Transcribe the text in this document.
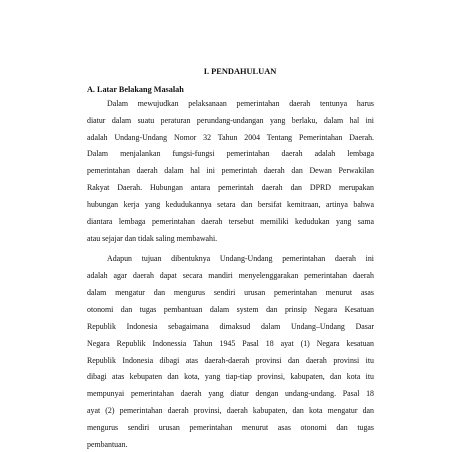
I. PENDAHULUAN
A. Latar Belakang Masalah
Dalam mewujudkan pelaksanaan pemerintahan daerah tentunya harus
diatur dalam suatu peraturan perundang-undangan yang berlaku, dalam hal ini
adalah Undang-Undang Nomor 32 Tahun 2004 Tentang Pemerintahan Daerah.
Dalam menjalankan fungsi-fungsi pemerintahan daerah adalah lembaga
pemerintahan daerah dalam hal ini pemerintah daerah dan Dewan Perwakilan
Rakyat Daerah. Hubungan antara pemerintah daerah dan DPRD merupakan
hubungan kerja yang kedudukannya setara dan bersifat kemitraan, artinya bahwa
diantara lembaga pemerintahan daerah tersebut memiliki kedudukan yang sama
atau sejajar dan tidak saling membawahi.
Adapun tujuan dibentuknya Undang-Undang pemerintahan daerah ini
adalah agar daerah dapat secara mandiri menyelenggarakan pemerintahan daerah
dalam mengatur dan mengurus sendiri urusan pemerintahan menurut asas
otonomi dan tugas pembantuan dalam system dan prinsip Negara Kesatuan
Republik Indonesia sebagaimana dimaksud dalam Undang–Undang Dasar
Negara Republik Indonessia Tahun 1945 Pasal 18 ayat (1) Negara kesatuan
Republik Indonesia dibagi atas daerah-daerah provinsi dan daerah provinsi itu
dibagi atas kebupaten dan kota, yang tiap-tiap provinsi, kabupaten, dan kota itu
mempunyai pemerintahan daerah yang diatur dengan undang-undang. Pasal 18
ayat (2) pemerintahan daerah provinsi, daerah kabupaten, dan kota mengatur dan
mengurus sendiri urusan pemerintahan menurut asas otonomi dan tugas
pembantuan.
